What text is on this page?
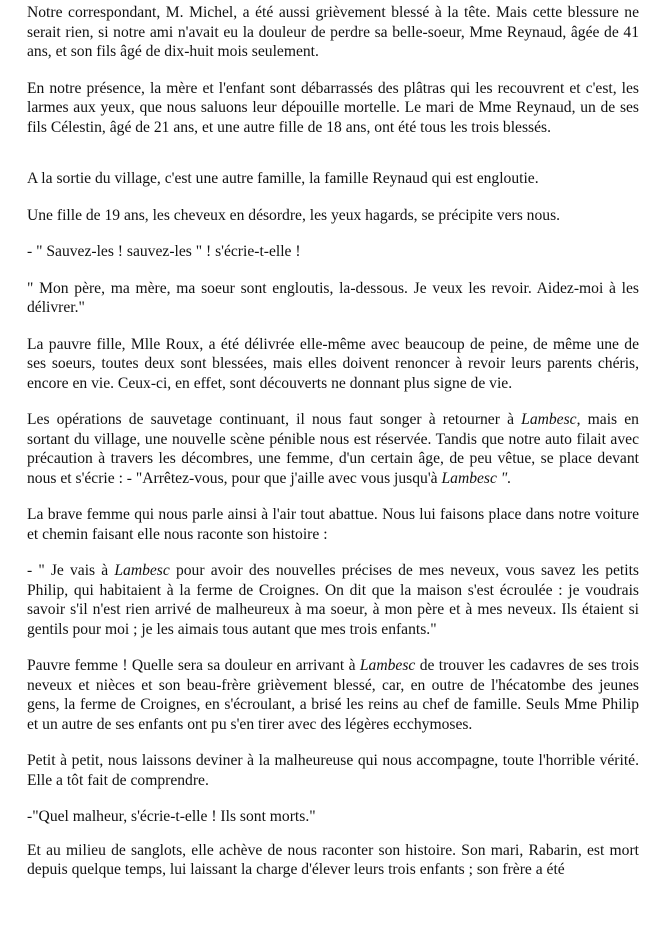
Notre correspondant, M. Michel, a été aussi grièvement blessé à la tête. Mais cette blessure ne serait rien, si notre ami n'avait eu la douleur de perdre sa belle-soeur, Mme Reynaud, âgée de 41 ans, et son fils âgé de dix-huit mois seulement.

En notre présence, la mère et l'enfant sont débarrassés des plâtras qui les recouvrent et c'est, les larmes aux yeux, que nous saluons leur dépouille mortelle. Le mari de Mme Reynaud, un de ses fils Célestin, âgé de 21 ans, et une autre fille de 18 ans, ont été tous les trois blessés.

A la sortie du village, c'est une autre famille, la famille Reynaud qui est engloutie.

Une fille de 19 ans, les cheveux en désordre, les yeux hagards, se précipite vers nous.

- " Sauvez-les ! sauvez-les " ! s'écrie-t-elle !

" Mon père, ma mère, ma soeur sont engloutis, la-dessous. Je veux les revoir. Aidez-moi à les délivrer."

La pauvre fille, Mlle Roux, a été délivrée elle-même avec beaucoup de peine, de même une de ses soeurs, toutes deux sont blessées, mais elles doivent renoncer à revoir leurs parents chéris, encore en vie. Ceux-ci, en effet, sont découverts ne donnant plus signe de vie.

Les opérations de sauvetage continuant, il nous faut songer à retourner à Lambesc, mais en sortant du village, une nouvelle scène pénible nous est réservée. Tandis que notre auto filait avec précaution à travers les décombres, une femme, d'un certain âge, de peu vêtue, se place devant nous et s'écrie : - "Arrêtez-vous, pour que j'aille avec vous jusqu'à Lambesc ".

La brave femme qui nous parle ainsi à l'air tout abattue. Nous lui faisons place dans notre voiture et chemin faisant elle nous raconte son histoire :

- " Je vais à Lambesc pour avoir des nouvelles précises de mes neveux, vous savez les petits Philip, qui habitaient à la ferme de Croignes. On dit que la maison s'est écroulée : je voudrais savoir s'il n'est rien arrivé de malheureux à ma soeur, à mon père et à mes neveux. Ils étaient si gentils pour moi ; je les aimais tous autant que mes trois enfants."

Pauvre femme ! Quelle sera sa douleur en arrivant à Lambesc de trouver les cadavres de ses trois neveux et nièces et son beau-frère grièvement blessé, car, en outre de l'hécatombe des jeunes gens, la ferme de Croignes, en s'écroulant, a brisé les reins au chef de famille. Seuls Mme Philip et un autre de ses enfants ont pu s'en tirer avec des légères ecchymoses.

Petit à petit, nous laissons deviner à la malheureuse qui nous accompagne, toute l'horrible vérité. Elle a tôt fait de comprendre.

-"Quel malheur, s'écrie-t-elle ! Ils sont morts."

Et au milieu de sanglots, elle achève de nous raconter son histoire. Son mari, Rabarin, est mort depuis quelque temps, lui laissant la charge d'élever leurs trois enfants ; son frère a été
